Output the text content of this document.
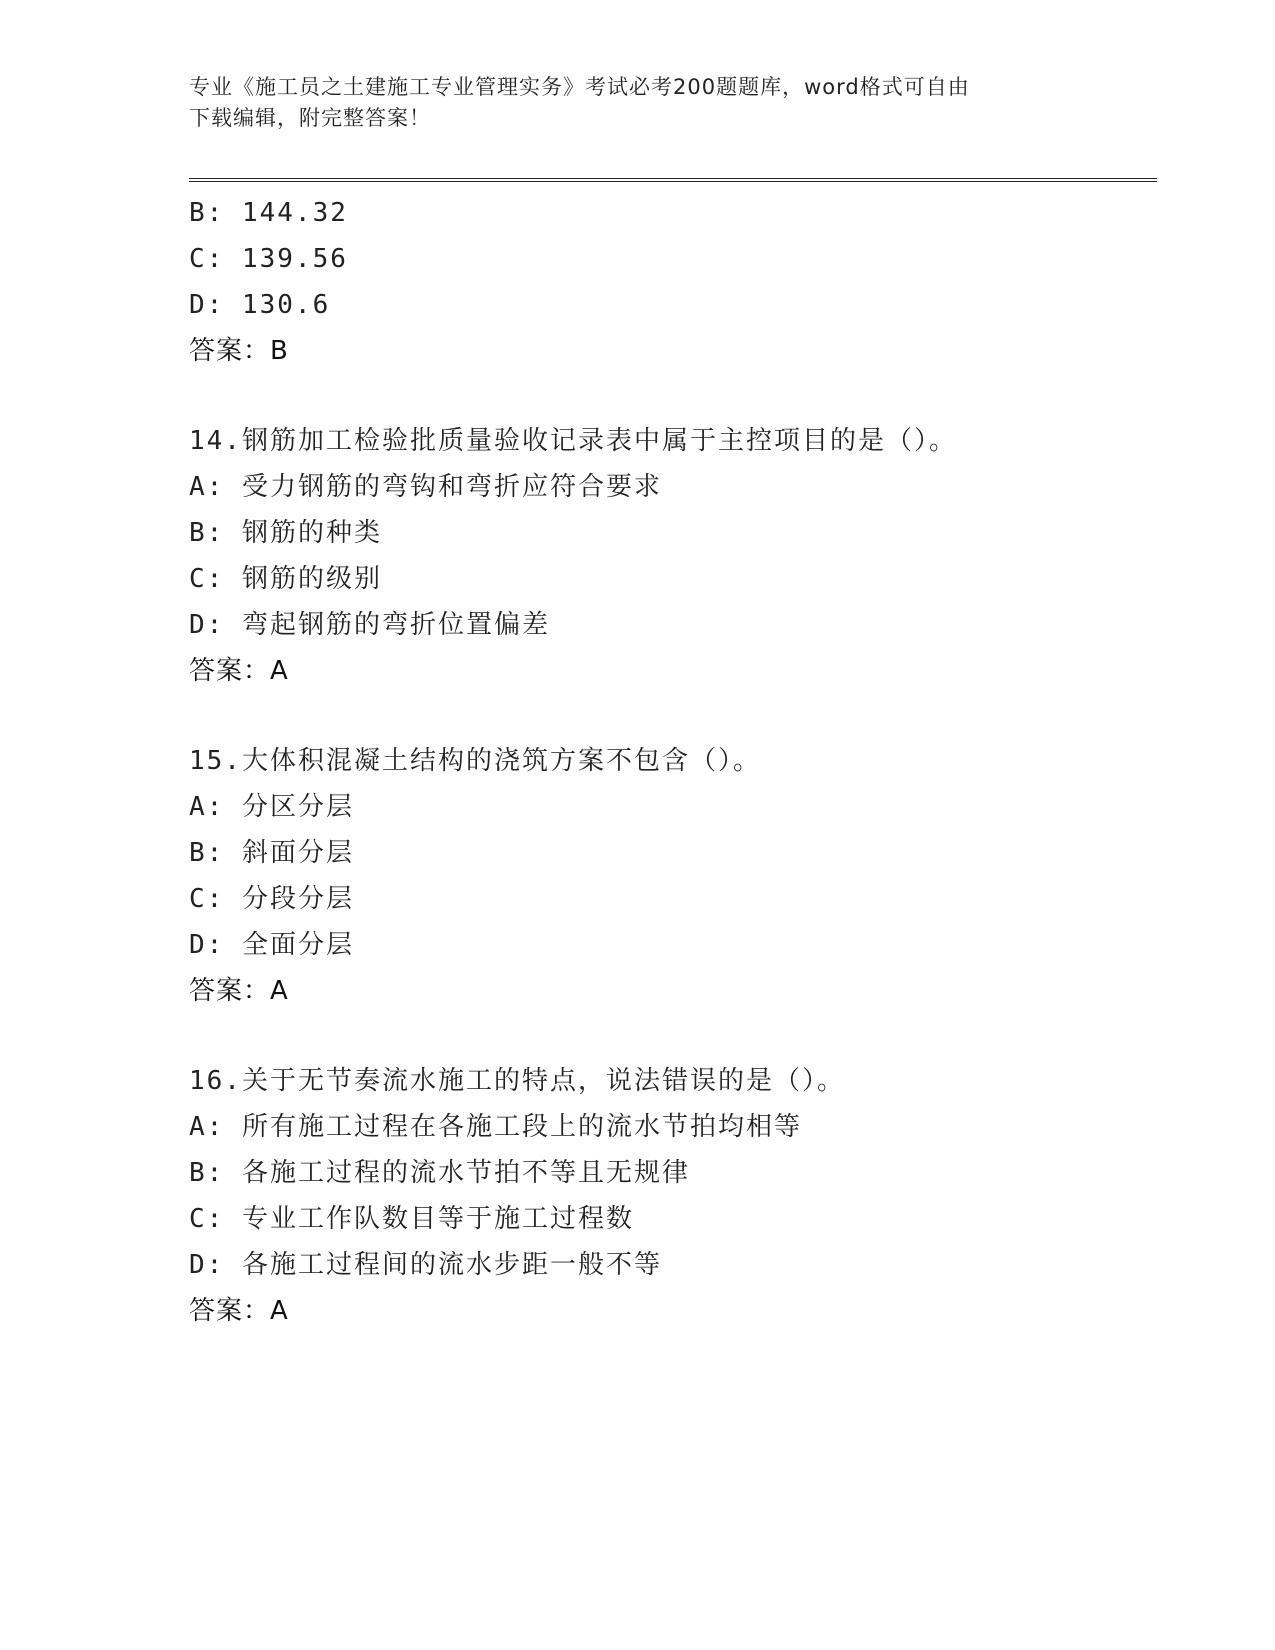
专业《施工员之土建施工专业管理实务》考试必考200题题库，word格式可自由
下载编辑，附完整答案！
B: 144.32
C: 139.56
D: 130.6
答案：B
14.钢筋加工检验批质量验收记录表中属于主控项目的是（）。
A: 受力钢筋的弯钩和弯折应符合要求
B: 钢筋的种类
C: 钢筋的级别
D: 弯起钢筋的弯折位置偏差
答案：A
15.大体积混凝土结构的浇筑方案不包含（）。
A: 分区分层
B: 斜面分层
C: 分段分层
D: 全面分层
答案：A
16.关于无节奏流水施工的特点，说法错误的是（）。
A: 所有施工过程在各施工段上的流水节拍均相等
B: 各施工过程的流水节拍不等且无规律
C: 专业工作队数目等于施工过程数
D: 各施工过程间的流水步距一般不等
答案：A
